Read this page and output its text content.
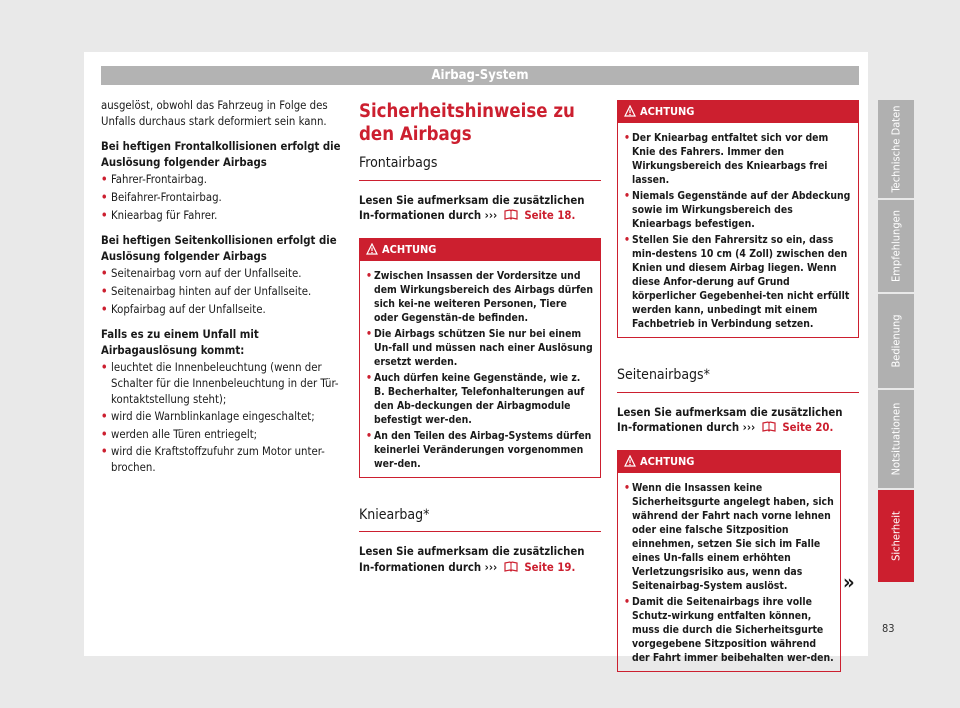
Airbag-System

ausgelöst, obwohl das Fahrzeug in Folge des Unfalls durchaus stark deformiert sein kann.

Bei heftigen Frontalkollisionen erfolgt die Auslösung folgender Airbags

• Fahrer-Frontairbag.
• Beifahrer-Frontairbag.
• Kniearbag für Fahrer.

Bei heftigen Seitenkollisionen erfolgt die Auslösung folgender Airbags

• Seitenairbag vorn auf der Unfallseite.
• Seitenairbag hinten auf der Unfallseite.
• Kopfairbag auf der Unfallseite.

Falls es zu einem Unfall mit Airbagauslösung kommt:

• leuchtet die Innenbeleuchtung (wenn der Schalter für die Innenbeleuchtung in der Tür-kontaktstellung steht);
• wird die Warnblinkanlage eingeschaltet;
• werden alle Türen entriegelt;
• wird die Kraftstoffzufuhr zum Motor unter-brochen.
Sicherheitshinweise zu den Airbags
Frontairbags

Lesen Sie aufmerksam die zusätzlichen In-formationen durch ››› Seite 18.

ACHTUNG
• Zwischen Insassen der Vordersitze und dem Wirkungsbereich des Airbags dürfen sich kei-ne weiteren Personen, Tiere oder Gegenstän-de befinden.
• Die Airbags schützen Sie nur bei einem Un-fall und müssen nach einer Auslösung ersetzt werden.
• Auch dürfen keine Gegenstände, wie z. B. Becherhalter, Telefonhalterungen auf den Ab-deckungen der Airbagmodule befestigt wer-den.
• An den Teilen des Airbag-Systems dürfen keinerlei Veränderungen vorgenommen wer-den.
Kniearbag*

Lesen Sie aufmerksam die zusätzlichen In-formationen durch ››› Seite 19.

ACHTUNG
• Der Kniearbag entfaltet sich vor dem Knie des Fahrers. Immer den Wirkungsbereich des Kniearbags frei lassen.
• Niemals Gegenstände auf der Abdeckung sowie im Wirkungsbereich des Kniearbags befestigen.
• Stellen Sie den Fahrersitz so ein, dass min-destens 10 cm (4 Zoll) zwischen den Knien und diesem Airbag liegen. Wenn diese Anfor-derung auf Grund körperlicher Gegebenhei-ten nicht erfüllt werden kann, unbedingt mit einem Fachbetrieb in Verbindung setzen.
Seitenairbags*

Lesen Sie aufmerksam die zusätzlichen In-formationen durch ››› Seite 20.

ACHTUNG
• Wenn die Insassen keine Sicherheitsgurte angelegt haben, sich während der Fahrt nach vorne lehnen oder eine falsche Sitzposition einnehmen, setzen Sie sich im Falle eines Un-falls einem erhöhten Verletzungsrisiko aus, wenn das Seitenairbag-System auslöst.
• Damit die Seitenairbags ihre volle Schutz-wirkung entfalten können, muss die durch die Sicherheitsgurte vorgegebene Sitzposition während der Fahrt immer beibehalten wer-den.
»
Technische Daten
Empfehlungen
Bedienung
Notsituationen
Sicherheit
83
